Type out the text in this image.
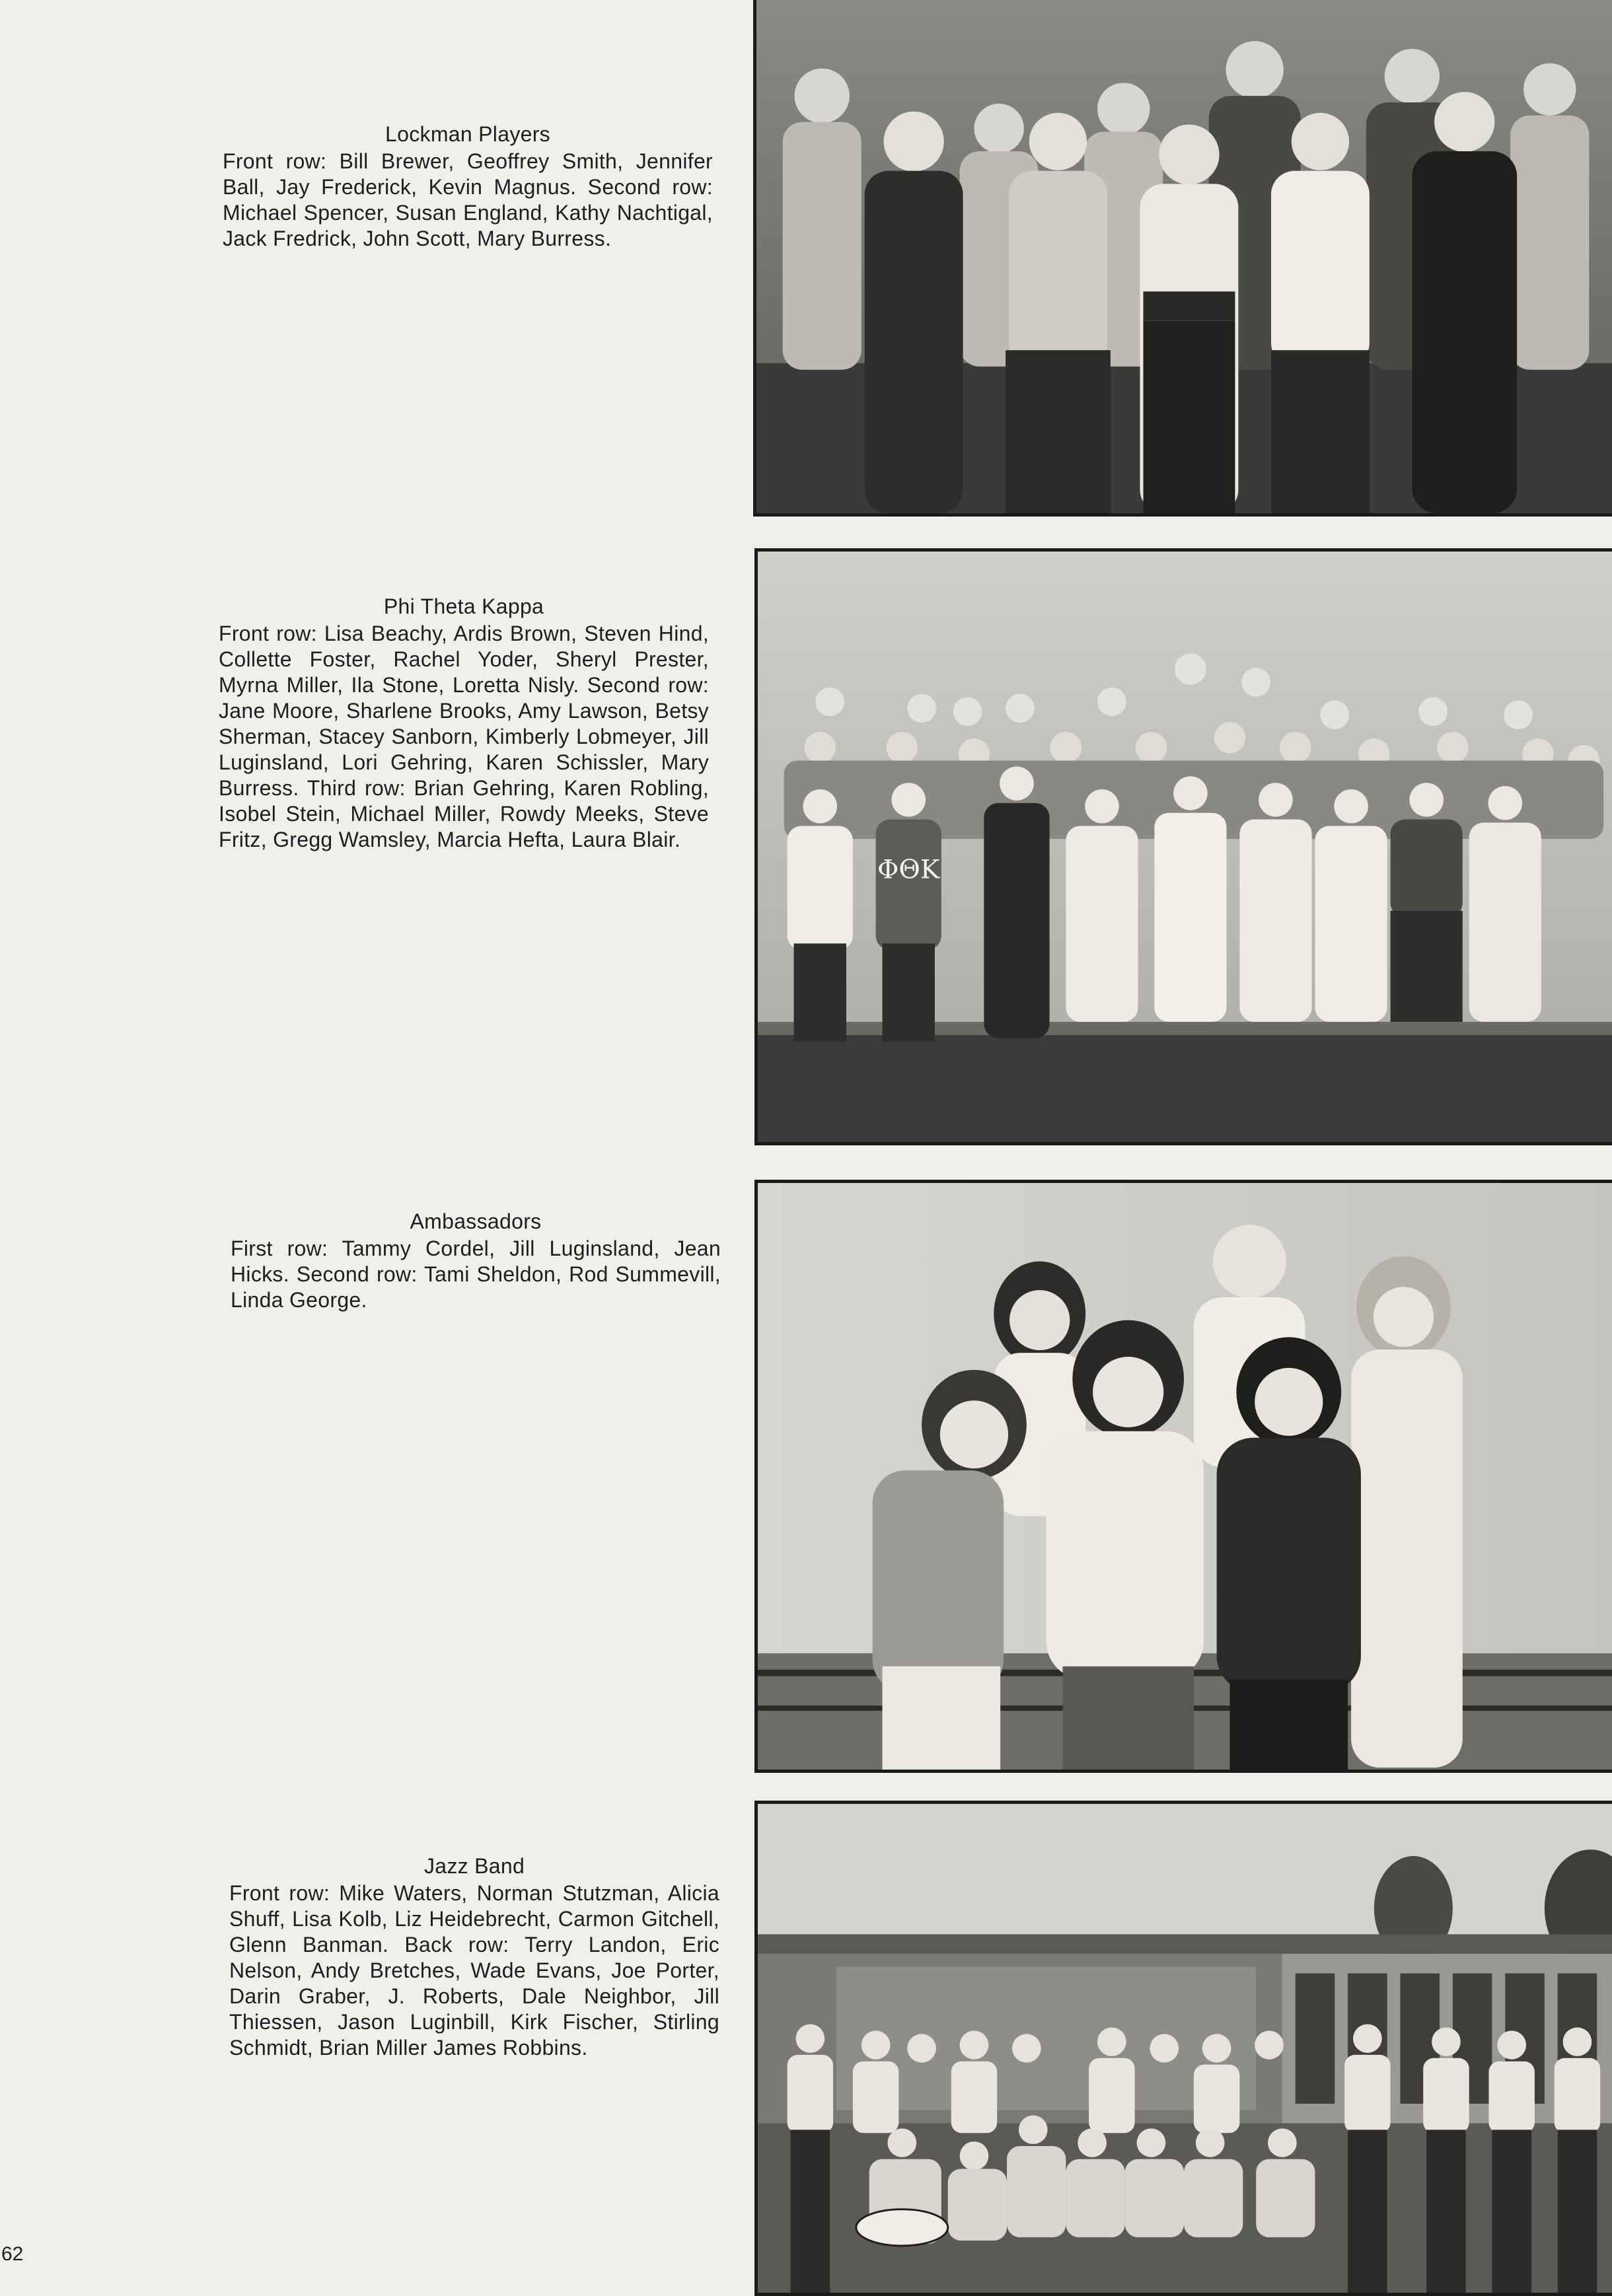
Lockman Players
Front row: Bill Brewer, Geoffrey Smith, Jennifer Ball, Jay Frederick, Kevin Magnus. Second row: Michael Spencer, Susan England, Kathy Nachtigal, Jack Fredrick, John Scott, Mary Burress.
Phi Theta Kappa
Front row: Lisa Beachy, Ardis Brown, Steven Hind, Collette Foster, Rachel Yoder, Sheryl Prester, Myrna Miller, Ila Stone, Loretta Nisly. Second row: Jane Moore, Sharlene Brooks, Amy Lawson, Betsy Sherman, Stacey Sanborn, Kimberly Lobmeyer, Jill Luginsland, Lori Gehring, Karen Schissler, Mary Burress. Third row: Brian Gehring, Karen Robling, Isobel Stein, Michael Miller, Rowdy Meeks, Steve Fritz, Gregg Wamsley, Marcia Hefta, Laura Blair.
ΦΘΚ
Ambassadors
First row: Tammy Cordel, Jill Luginsland, Jean Hicks. Second row: Tami Sheldon, Rod Summevill, Linda George.
Jazz Band
Front row: Mike Waters, Norman Stutzman, Alicia Shuff, Lisa Kolb, Liz Heidebrecht, Carmon Gitchell, Glenn Banman. Back row: Terry Landon, Eric Nelson, Andy Bretches, Wade Evans, Joe Porter, Darin Graber, J. Roberts, Dale Neighbor, Jill Thiessen, Jason Luginbill, Kirk Fischer, Stirling Schmidt, Brian Miller James Robbins.
62
